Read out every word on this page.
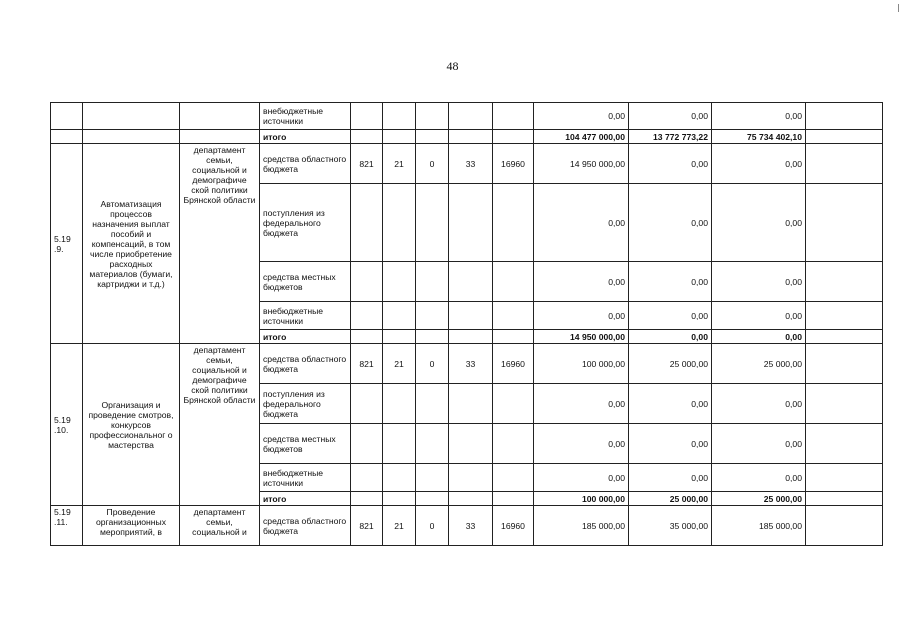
48
			внебюджетные источники						0,00	0,00	0,00	
			итого						104 477 000,00	13 772 773,22	75 734 402,10	
5.19 .9.	Автоматизация процессов назначения выплат пособий и компенсаций, в том числе приобретение расходных материалов (бумаги, картриджи и т.д.)	департамент семьи, социальной и демографиче ской политики Брянской области	средства областного бюджета	821	21	0	33	16960	14 950 000,00	0,00	0,00	
			поступления из федерального бюджета						0,00	0,00	0,00	
			средства местных бюджетов						0,00	0,00	0,00	
			внебюджетные источники						0,00	0,00	0,00	
			итого						14 950 000,00	0,00	0,00	
5.19 .10.	Организация и проведение смотров, конкурсов профессиональног о мастерства	департамент семьи, социальной и демографиче ской политики Брянской области	средства областного бюджета	821	21	0	33	16960	100 000,00	25 000,00	25 000,00	
			поступления из федерального бюджета						0,00	0,00	0,00	
			средства местных бюджетов						0,00	0,00	0,00	
			внебюджетные источники						0,00	0,00	0,00	
			итого						100 000,00	25 000,00	25 000,00	
5.19 .11.	Проведение организационных мероприятий, в	департамент семьи, социальной и	средства областного бюджета	821	21	0	33	16960	185 000,00	35 000,00	185 000,00	
